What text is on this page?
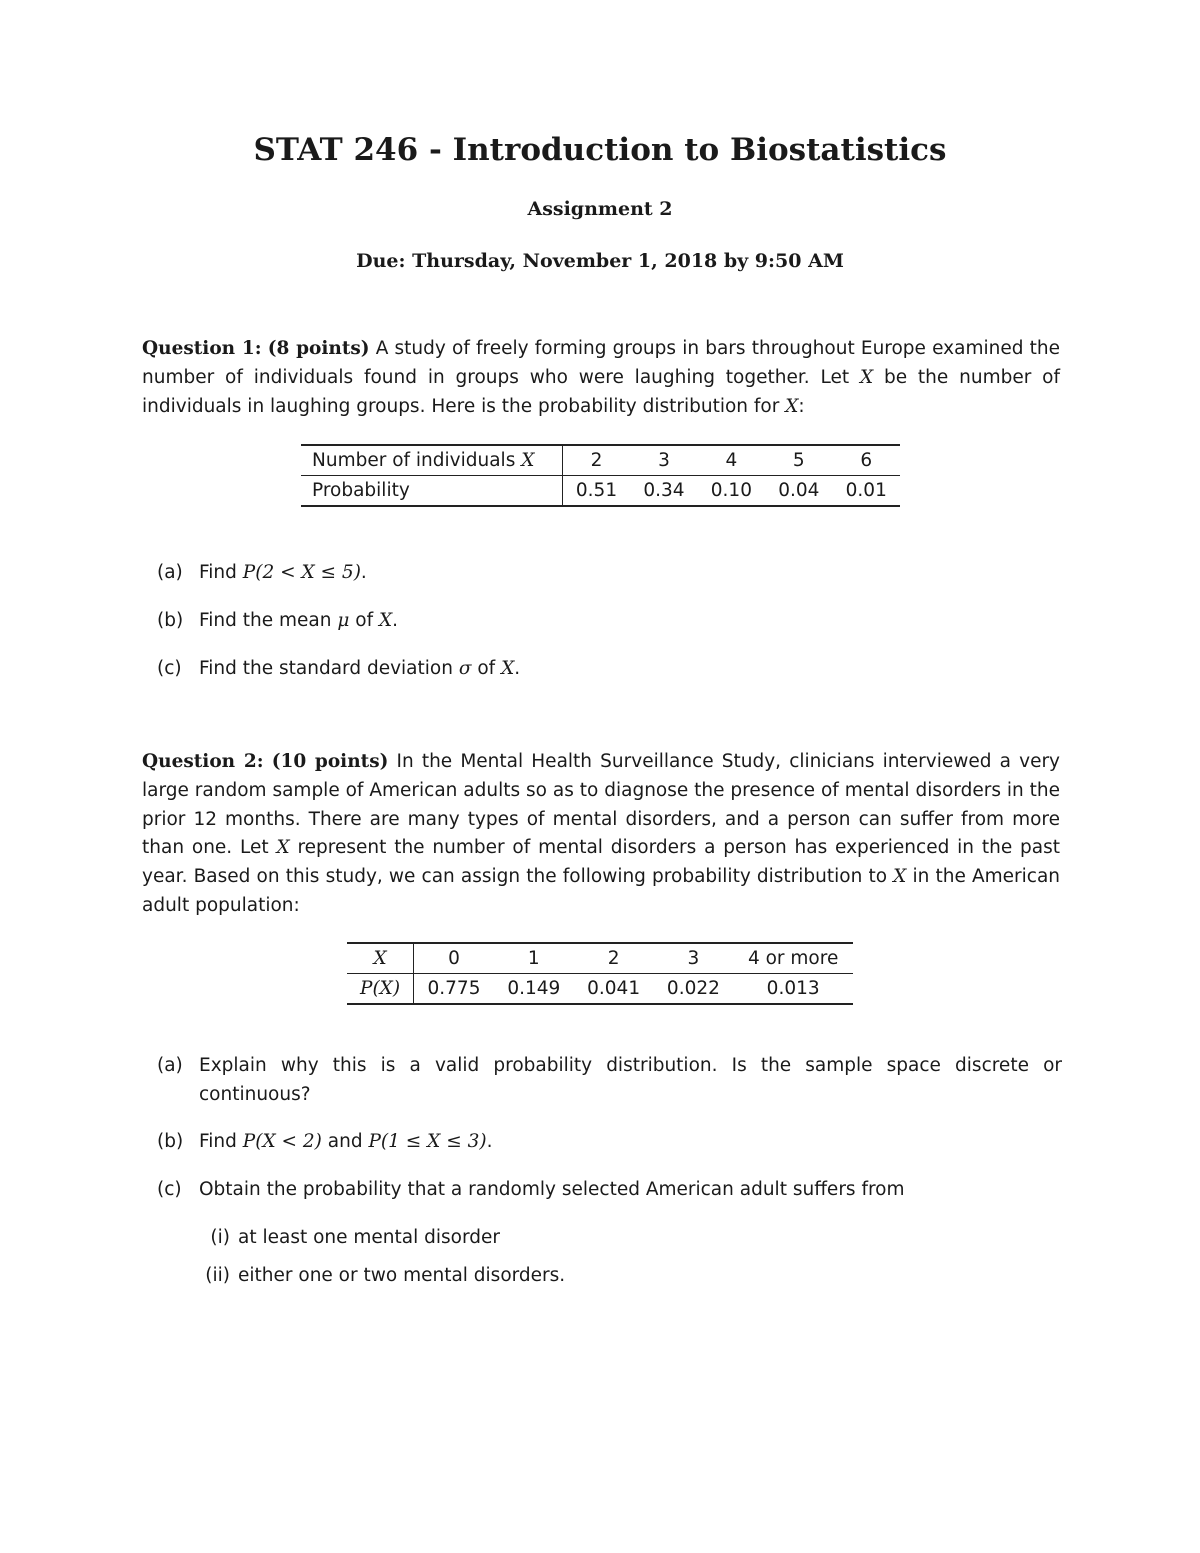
STAT 246 - Introduction to Biostatistics
Assignment 2
Due: Thursday, November 1, 2018 by 9:50 AM
Question 1: (8 points) A study of freely forming groups in bars throughout Europe examined the number of individuals found in groups who were laughing together. Let X be the number of individuals in laughing groups. Here is the probability distribution for X:
Number of individuals X	2	3	4	5	6
Probability	0.51	0.34	0.10	0.04	0.01
(a) Find P(2 < X ≤ 5).
(b) Find the mean μ of X.
(c) Find the standard deviation σ of X.
Question 2: (10 points) In the Mental Health Surveillance Study, clinicians interviewed a very large random sample of American adults so as to diagnose the presence of mental disorders in the prior 12 months. There are many types of mental disorders, and a person can suffer from more than one. Let X represent the number of mental disorders a person has experienced in the past year. Based on this study, we can assign the following probability distribution to X in the American adult population:
X	0	1	2	3	4 or more
P(X)	0.775	0.149	0.041	0.022	0.013
(a) Explain why this is a valid probability distribution. Is the sample space discrete or continuous?
(b) Find P(X < 2) and P(1 ≤ X ≤ 3).
(c) Obtain the probability that a randomly selected American adult suffers from
(i) at least one mental disorder
(ii) either one or two mental disorders.
